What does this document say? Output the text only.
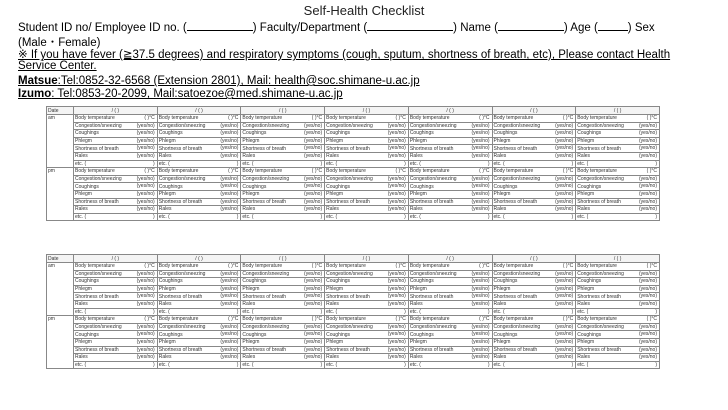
Self-Health Checklist
Student ID no/ Employee ID no. (	) Faculty/Department (	) Name (	) Age (	) Sex
(Male・Female)
※ If you have fever (≧37.5 degrees) and respiratory symptoms (cough, sputum, shortness of breath, etc), Please contact Health
Service Center.
Matsue:Tel:0852-32-6568 (Extension 2801), Mail: health@soc.shimane-u.ac.jp
Izumo: Tel:0853-20-2099, Mail:satoezoe@med.shimane-u.ac.jp
Date	/ ( )	/ ( )	/ ( )	/ ( )	/ ( )	/ ( )	/ ( )
am	Body temperature ( )°C	Body temperature ( )°C	Body temperature ( )°C	Body temperature ( )°C	Body temperature ( )°C	Body temperature ( )°C	Body temperature ( )°C

	Congestion/sneezing (yes/no)	Congestion/sneezing (yes/no)	Congestion/sneezing (yes/no)	Congestion/sneezing (yes/no)	Congestion/sneezing (yes/no)	Congestion/sneezing (yes/no)	Congestion/sneezing (yes/no)

	Coughings (yes/no)	Coughings (yes/no)	Coughings (yes/no)	Coughings (yes/no)	Coughings (yes/no)	Coughings (yes/no)	Coughings (yes/no)

	Phlegm (yes/no)	Phlegm (yes/no)	Phlegm (yes/no)	Phlegm (yes/no)	Phlegm (yes/no)	Phlegm (yes/no)	Phlegm (yes/no)

	Shortness of breath (yes/no)	Shortness of breath (yes/no)	Shortness of breath (yes/no)	Shortness of breath (yes/no)	Shortness of breath (yes/no)	Shortness of breath (yes/no)	Shortness of breath (yes/no)

	Rales (yes/no)	Rales (yes/no)	Rales (yes/no)	Rales (yes/no)	Rales (yes/no)	Rales (yes/no)	Rales (yes/no)

	etc. ( )	etc. ( )	etc. ( )	etc. ( )	etc. ( )	etc. ( )	etc. ( )

pm	Body temperature ( )°C	Body temperature ( )°C	Body temperature ( )°C	Body temperature ( )°C	Body temperature ( )°C	Body temperature ( )°C	Body temperature ( )°C

	Congestion/sneezing (yes/no)	Congestion/sneezing (yes/no)	Congestion/sneezing (yes/no)	Congestion/sneezing (yes/no)	Congestion/sneezing (yes/no)	Congestion/sneezing (yes/no)	Congestion/sneezing (yes/no)

	Coughings (yes/no)	Coughings (yes/no)	Coughings (yes/no)	Coughings (yes/no)	Coughings (yes/no)	Coughings (yes/no)	Coughings (yes/no)

	Phlegm (yes/no)	Phlegm (yes/no)	Phlegm (yes/no)	Phlegm (yes/no)	Phlegm (yes/no)	Phlegm (yes/no)	Phlegm (yes/no)

	Shortness of breath (yes/no)	Shortness of breath (yes/no)	Shortness of breath (yes/no)	Shortness of breath (yes/no)	Shortness of breath (yes/no)	Shortness of breath (yes/no)	Shortness of breath (yes/no)

	Rales (yes/no)	Rales (yes/no)	Rales (yes/no)	Rales (yes/no)	Rales (yes/no)	Rales (yes/no)	Rales (yes/no)

	etc. ( )	etc. ( )	etc. ( )	etc. ( )	etc. ( )	etc. ( )	etc. ( )
Date	/ ( )	/ ( )	/ ( )	/ ( )	/ ( )	/ ( )	/ ( )
am	Body temperature ( )°C	Body temperature ( )°C	Body temperature ( )°C	Body temperature ( )°C	Body temperature ( )°C	Body temperature ( )°C	Body temperature ( )°C

	Congestion/sneezing (yes/no)	Congestion/sneezing (yes/no)	Congestion/sneezing (yes/no)	Congestion/sneezing (yes/no)	Congestion/sneezing (yes/no)	Congestion/sneezing (yes/no)	Congestion/sneezing (yes/no)

	Coughings (yes/no)	Coughings (yes/no)	Coughings (yes/no)	Coughings (yes/no)	Coughings (yes/no)	Coughings (yes/no)	Coughings (yes/no)

	Phlegm (yes/no)	Phlegm (yes/no)	Phlegm (yes/no)	Phlegm (yes/no)	Phlegm (yes/no)	Phlegm (yes/no)	Phlegm (yes/no)

	Shortness of breath (yes/no)	Shortness of breath (yes/no)	Shortness of breath (yes/no)	Shortness of breath (yes/no)	Shortness of breath (yes/no)	Shortness of breath (yes/no)	Shortness of breath (yes/no)

	Rales (yes/no)	Rales (yes/no)	Rales (yes/no)	Rales (yes/no)	Rales (yes/no)	Rales (yes/no)	Rales (yes/no)

	etc. ( )	etc. ( )	etc. ( )	etc. ( )	etc. ( )	etc. ( )	etc. ( )

pm	Body temperature ( )°C	Body temperature ( )°C	Body temperature ( )°C	Body temperature ( )°C	Body temperature ( )°C	Body temperature ( )°C	Body temperature ( )°C

	Congestion/sneezing (yes/no)	Congestion/sneezing (yes/no)	Congestion/sneezing (yes/no)	Congestion/sneezing (yes/no)	Congestion/sneezing (yes/no)	Congestion/sneezing (yes/no)	Congestion/sneezing (yes/no)

	Coughings (yes/no)	Coughings (yes/no)	Coughings (yes/no)	Coughings (yes/no)	Coughings (yes/no)	Coughings (yes/no)	Coughings (yes/no)

	Phlegm (yes/no)	Phlegm (yes/no)	Phlegm (yes/no)	Phlegm (yes/no)	Phlegm (yes/no)	Phlegm (yes/no)	Phlegm (yes/no)

	Shortness of breath (yes/no)	Shortness of breath (yes/no)	Shortness of breath (yes/no)	Shortness of breath (yes/no)	Shortness of breath (yes/no)	Shortness of breath (yes/no)	Shortness of breath (yes/no)

	Rales (yes/no)	Rales (yes/no)	Rales (yes/no)	Rales (yes/no)	Rales (yes/no)	Rales (yes/no)	Rales (yes/no)

	etc. ( )	etc. ( )	etc. ( )	etc. ( )	etc. ( )	etc. ( )	etc. ( )
